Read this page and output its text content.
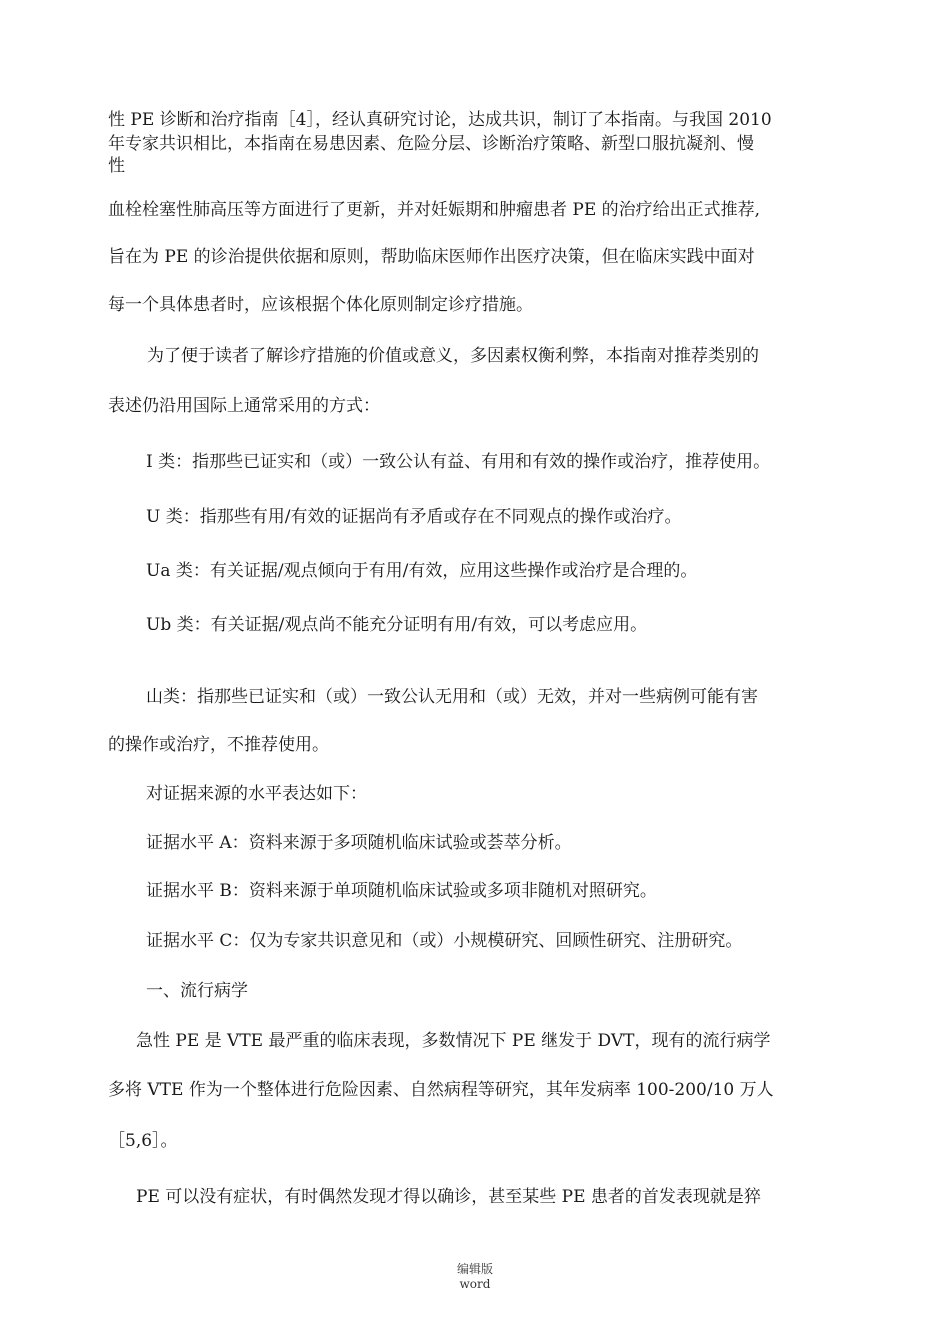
性 PE 诊断和治疗指南［4］，经认真研究讨论，达成共识，制订了本指南。与我国 2010
年专家共识相比，本指南在易患因素、危险分层、诊断治疗策略、新型口服抗凝剂、慢
性
血栓栓塞性肺高压等方面进行了更新，并对妊娠期和肿瘤患者 PE 的治疗给出正式推荐,
旨在为 PE 的诊治提供依据和原则，帮助临床医师作出医疗决策，但在临床实践中面对
每一个具体患者时，应该根据个体化原则制定诊疗措施。
为了便于读者了解诊疗措施的价值或意义，多因素权衡利弊，本指南对推荐类别的
表述仍沿用国际上通常采用的方式：
I 类：指那些已证实和（或）一致公认有益、有用和有效的操作或治疗，推荐使用。
U 类：指那些有用/有效的证据尚有矛盾或存在不同观点的操作或治疗。
Ua 类：有关证据/观点倾向于有用/有效，应用这些操作或治疗是合理的。
Ub 类：有关证据/观点尚不能充分证明有用/有效，可以考虑应用。
山类：指那些已证实和（或）一致公认无用和（或）无效，并对一些病例可能有害
的操作或治疗，不推荐使用。
对证据来源的水平表达如下：
证据水平 A：资料来源于多项随机临床试验或荟萃分析。
证据水平 B：资料来源于单项随机临床试验或多项非随机对照研究。
证据水平 C：仅为专家共识意见和（或）小规模研究、回顾性研究、注册研究。
一、流行病学
急性 PE 是 VTE 最严重的临床表现，多数情况下 PE 继发于 DVT，现有的流行病学
多将 VTE 作为一个整体进行危险因素、自然病程等研究，其年发病率 100-200/10 万人
［5,6］。
PE 可以没有症状，有时偶然发现才得以确诊，甚至某些 PE 患者的首发表现就是猝
编辑版
word
